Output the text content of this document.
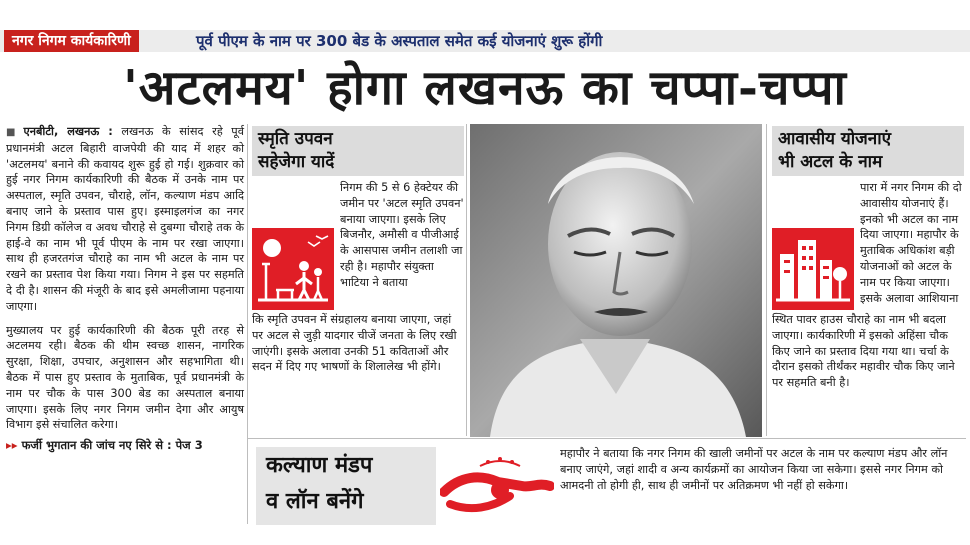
नगर निगम कार्यकारिणी	पूर्व पीएम के नाम पर 300 बेड के अस्पताल समेत कई योजनाएं शुरू होंगी
'अटलमय' होगा लखनऊ का चप्पा-चप्पा

■ एनबीटी, लखनऊ : लखनऊ के सांसद रहे पूर्व प्रधानमंत्री अटल बिहारी वाजपेयी की याद में शहर को 'अटलमय' बनाने की कवायद शुरू हुई हो गई। शुक्रवार को हुई नगर निगम कार्यकारिणी की बैठक में उनके नाम पर अस्पताल, स्मृति उपवन, चौराहे, लॉन, कल्याण मंडप आदि बनाए जाने के प्रस्ताव पास हुए। इस्माइलगंज का नगर निगम डिग्री कॉलेज व अवध चौराहे से दुबग्गा चौराहे तक के हाई-वे का नाम भी पूर्व पीएम के नाम पर रखा जाएगा। साथ ही हजरतगंज चौराहे का नाम भी अटल के नाम पर रखने का प्रस्ताव पेश किया गया। निगम ने इस पर सहमति दे दी है। शासन की मंजूरी के बाद इसे अमलीजामा पहनाया जाएगा।

मुख्यालय पर हुई कार्यकारिणी की बैठक पूरी तरह से अटलमय रही। बैठक की थीम स्वच्छ शासन, नागरिक सुरक्षा, शिक्षा, उपचार, अनुशासन और सहभागिता थी। बैठक में पास हुए प्रस्ताव के मुताबिक, पूर्व प्रधानमंत्री के नाम पर चौक के पास 300 बेड का अस्पताल बनाया जाएगा। इसके लिए नगर निगम जमीन देगा और आयुष विभाग इसे संचालित करेगा।

▸▸ फर्जी भुगतान की जांच नए सिरे से : पेज 3

स्मृति उपवन
सहेजेगा यादें
निगम की 5 से 6 हेक्टेयर की जमीन पर 'अटल स्मृति उपवन' बनाया जाएगा। इसके लिए बिजनौर, अमौसी व पीजीआई के आसपास जमीन तलाशी जा रही है। महापौर संयुक्ता भाटिया ने बताया
कि स्मृति उपवन में संग्रहालय बनाया जाएगा, जहां पर अटल से जुड़ी यादगार चीजें जनता के लिए रखी जाएंगी। इसके अलावा उनकी 51 कविताओं और सदन में दिए गए भाषणों के शिलालेख भी होंगे।
आवासीय योजनाएं
भी अटल के नाम
पारा में नगर निगम की दो आवासीय योजनाएं हैं। इनको भी अटल का नाम दिया जाएगा। महापौर के मुताबिक अधिकांश बड़ी योजनाओं को अटल के नाम पर किया जाएगा। इसके अलावा आशियाना
स्थित पावर हाउस चौराहे का नाम भी बदला जाएगा। कार्यकारिणी में इसको अहिंसा चौक किए जाने का प्रस्ताव दिया गया था। चर्चा के दौरान इसको तीर्थंकर महावीर चौक किए जाने पर सहमति बनी है।
कल्याण मंडप
व लॉन बनेंगे
महापौर ने बताया कि नगर निगम की खाली जमीनों पर अटल के नाम पर कल्याण मंडप और लॉन बनाए जाएंगे, जहां शादी व अन्य कार्यक्रमों का आयोजन किया जा सकेगा। इससे नगर निगम को आमदनी तो होगी ही, साथ ही जमीनों पर अतिक्रमण भी नहीं हो सकेगा।
